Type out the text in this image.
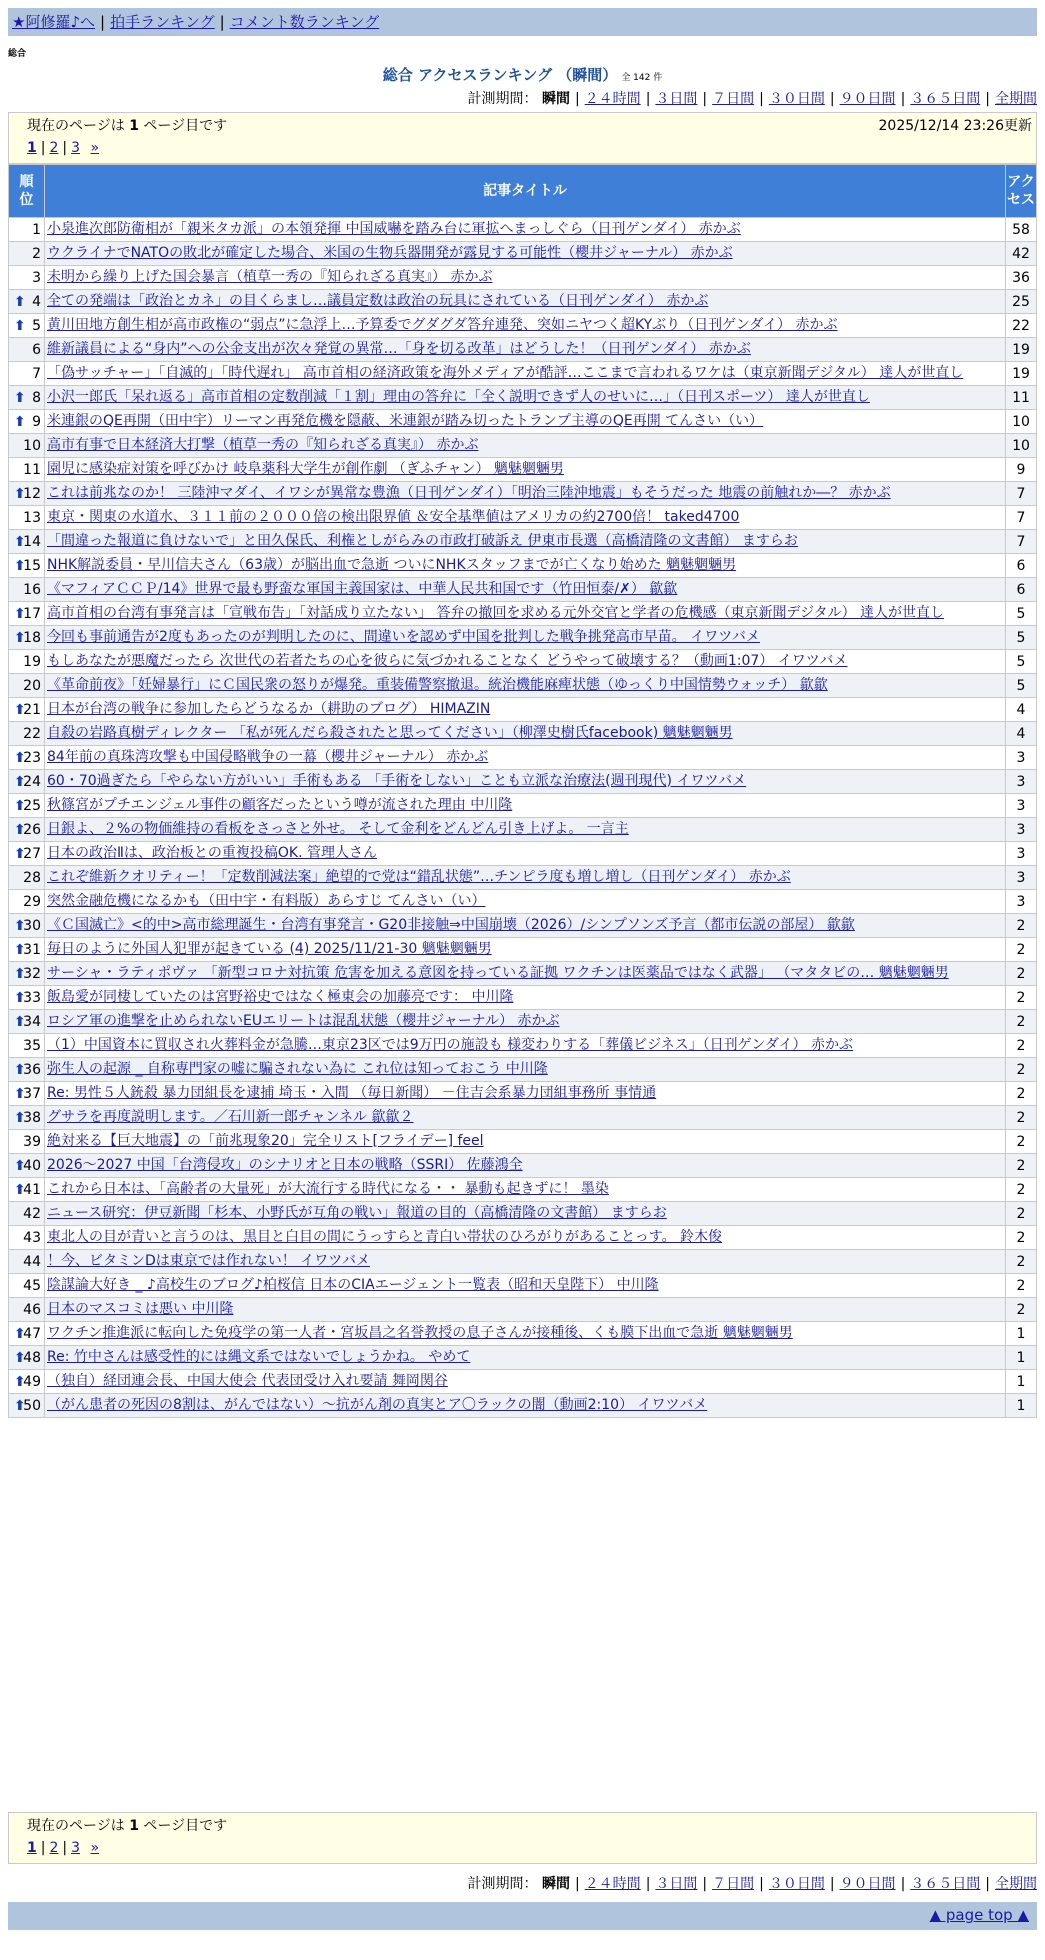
★阿修羅♪へ | 拍手ランキング | コメント数ランキング
総合
総合 アクセスランキング （瞬間） 全 142 件
計測期間： 瞬間 | ２４時間 | ３日間 | ７日間 | ３０日間 | ９０日間 | ３６５日間 | 全期間
現在のページは 1 ページ目です	2025/12/14 23:26更新
1 | 2 | 3 »
順位	記事タイトル	アクセス
1	小泉進次郎防衛相が「親米タカ派」の本領発揮 中国威嚇を踏み台に軍拡へまっしぐら（日刊ゲンダイ） 赤かぶ	58
2	ウクライナでNATOの敗北が確定した場合、米国の生物兵器開発が露見する可能性（櫻井ジャーナル） 赤かぶ	42
3	未明から繰り上げた国会暴言（植草一秀の『知られざる真実』） 赤かぶ	36

⬆ 4	全ての発端は「政治とカネ」の目くらまし…議員定数は政治の玩具にされている（日刊ゲンダイ） 赤かぶ	25

⬆ 5	黄川田地方創生相が高市政権の“弱点”に急浮上…予算委でグダグダ答弁連発、突如ニヤつく超KYぶり（日刊ゲンダイ） 赤かぶ	22
6	維新議員による“身内”への公金支出が次々発覚の異常…「身を切る改革」はどうした！（日刊ゲンダイ） 赤かぶ	19
7	「偽サッチャー」「自滅的」「時代遅れ」 高市首相の経済政策を海外メディアが酷評…ここまで言われるワケは（東京新聞デジタル） 達人が世直し	19

⬆ 8	小沢一郎氏「呆れ返る」高市首相の定数削減「１割」理由の答弁に「全く説明できず人のせいに…」（日刊スポーツ） 達人が世直し	11

⬆ 9	米連銀のQE再開（田中宇）リーマン再発危機を隠蔽、米連銀が踏み切ったトランプ主導のQE再開 てんさい（い）	10
10	高市有事で日本経済大打撃（植草一秀の『知られざる真実』） 赤かぶ	10
11	園児に感染症対策を呼びかけ 岐阜薬科大学生が創作劇 （ぎふチャン） 魑魅魍魎男	9

⬆
12	これは前兆なのか！ 三陸沖マダイ、イワシが異常な豊漁（日刊ゲンダイ）「明治三陸沖地震」もそうだった 地震の前触れか―？ 赤かぶ	7
13	東京・関東の水道水、３１１前の２０００倍の検出限界値 ＆安全基準値はアメリカの約2700倍！ taked4700	7

⬆
14	「間違った報道に負けないで」と田久保氏、利権としがらみの市政打破訴え 伊東市長選（高橋清隆の文書館） ますらお	7

⬆
15	NHK解説委員・早川信夫さん（63歳）が脳出血で急逝 ついにNHKスタッフまでが亡くなり始めた 魑魅魍魎男	6
16	《マフィアＣＣＰ/14》世界で最も野蛮な軍国主義国家は、中華人民共和国です（竹田恒泰/✗） 歙歙	6

⬆
17	高市首相の台湾有事発言は「宣戦布告」「対話成り立たない」 答弁の撤回を求める元外交官と学者の危機感（東京新聞デジタル） 達人が世直し	5

⬆
18	今回も事前通告が2度もあったのが判明したのに、間違いを認めず中国を批判した戦争挑発高市早苗。 イワツバメ	5
19	もしあなたが悪魔だったら 次世代の若者たちの心を彼らに気づかれることなく どうやって破壊する？（動画1:07） イワツバメ	5
20	《革命前夜》「妊婦暴行」にＣ国民衆の怒りが爆発。重装備警察撤退。統治機能麻痺状態（ゆっくり中国情勢ウォッチ） 歙歙	5

⬆
21	日本が台湾の戦争に参加したらどうなるか（耕助のブログ） HIMAZIN	4
22	自殺の岩路真樹ディレクター 「私が死んだら殺されたと思ってください」（柳澤史樹氏facebook) 魑魅魍魎男	4

⬆
23	84年前の真珠湾攻撃も中国侵略戦争の一幕（櫻井ジャーナル） 赤かぶ	3

⬆
24	60・70過ぎたら「やらない方がいい」手術もある 「手術をしない」ことも立派な治療法(週刊現代) イワツバメ	3

⬆
25	秋篠宮がプチエンジェル事件の顧客だったという噂が流された理由 中川隆	3

⬆
26	日銀よ、２%の物価維持の看板をさっさと外せ。 そして金利をどんどん引き上げよ。 一言主	3

⬆
27	日本の政治Ⅱは、政治板との重複投稿OK. 管理人さん	3
28	これぞ維新クオリティー！「定数削減法案」絶望的で党は“錯乱状態”…チンピラ度も増し増し（日刊ゲンダイ） 赤かぶ	3
29	突然金融危機になるかも（田中宇・有料版）あらすじ てんさい（い）	3

⬆
30	《Ｃ国滅亡》<的中>高市総理誕生・台湾有事発言・G20非接触⇒中国崩壊（2026）/シンプソンズ予言（都市伝説の部屋） 歙歙	2

⬆
31	毎日のように外国人犯罪が起きている (4) 2025/11/21-30 魑魅魍魎男	2

⬆
32	サーシャ・ラティポヴァ 「新型コロナ対抗策 危害を加える意図を持っている証拠 ワクチンは医薬品ではなく武器」 （マタタビの… 魑魅魍魎男	2

⬆
33	飯島愛が同棲していたのは宮野裕史ではなく極東会の加藤亮です： 中川隆	2

⬆
34	ロシア軍の進撃を止められないEUエリートは混乱状態（櫻井ジャーナル） 赤かぶ	2
35	（1）中国資本に買収され火葬料金が急騰…東京23区では9万円の施設も 様変わりする「葬儀ビジネス」（日刊ゲンダイ） 赤かぶ	2

⬆
36	弥生人の起源 _ 自称専門家の嘘に騙されない為に これ位は知っておこう 中川隆	2

⬆
37	Re: 男性５人銃殺 暴力団組長を逮捕 埼玉・入間 （毎日新聞） －住吉会系暴力団組事務所 事情通	2

⬆
38	グサラを再度説明します。／石川新一郎チャンネル 歙歙２	2
39	絶対来る【巨大地震】の「前兆現象20」完全リスト[フライデー] feel	2

⬆
40	2026～2027 中国「台湾侵攻」のシナリオと日本の戦略（SSRI） 佐藤鴻全	2

⬆
41	これから日本は、「高齢者の大量死」が大流行する時代になる・・ 暴動も起きずに！ 墨染	2
42	ニュース研究：伊豆新聞「杉本、小野氏が互角の戦い」報道の目的（高橋清隆の文書館） ますらお	2
43	東北人の目が青いと言うのは、黒目と白目の間にうっすらと青白い帯状のひろがりがあることっす。 鈴木俊	2
44	！今、ビタミンDは東京では作れない！ イワツバメ	2
45	陰謀論大好き _ ♪高校生のブログ♪柏桜信 日本のCIAエージェント一覧表（昭和天皇陛下） 中川隆	2
46	日本のマスコミは悪い 中川隆	2

⬆
47	ワクチン推進派に転向した免疫学の第一人者・宮坂昌之名誉教授の息子さんが接種後、くも膜下出血で急逝 魑魅魍魎男	1

⬆
48	Re: 竹中さんは感受性的には縄文系ではないでしょうかね。 やめて	1

⬆
49	（独自）経団連会長、中国大使会 代表団受け入れ要請 舞岡関谷	1

⬆
50	（がん患者の死因の8割は、がんではない）～抗がん剤の真実とア〇ラックの闇（動画2:10） イワツバメ	1
現在のページは 1 ページ目です
1 | 2 | 3 »
計測期間： 瞬間 | ２４時間 | ３日間 | ７日間 | ３０日間 | ９０日間 | ３６５日間 | 全期間
▲ page top ▲
